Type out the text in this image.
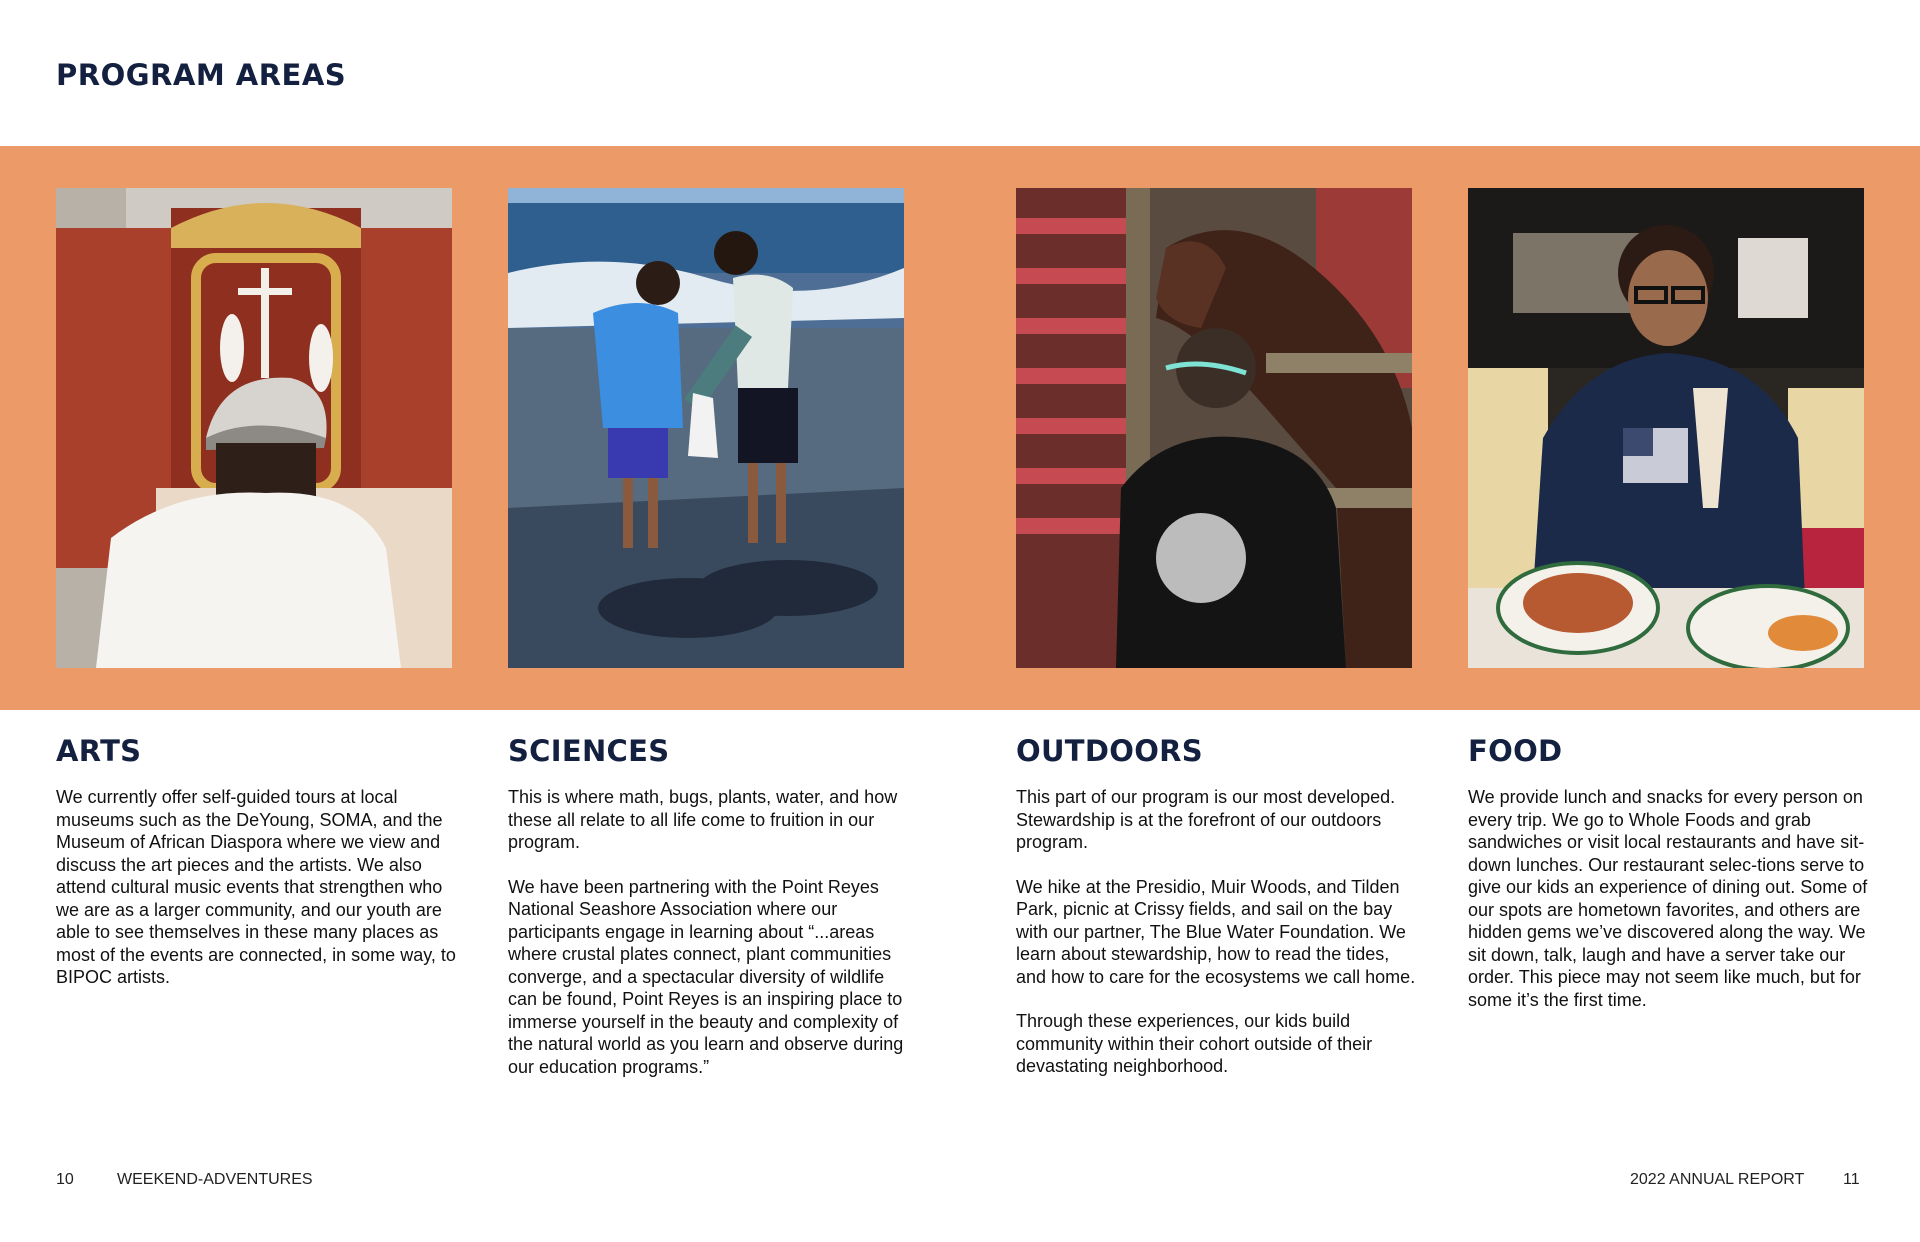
PROGRAM AREAS
ARTS

We currently offer self-guided tours at local museums such as the DeYoung, SOMA, and the Museum of African Diaspora where we view and discuss the art pieces and the artists. We also attend cultural music events that strengthen who we are as a larger community, and our youth are able to see themselves in these many places as most of the events are connected, in some way, to BIPOC artists.

SCIENCES

This is where math, bugs, plants, water, and how these all relate to all life come to fruition in our program.

We have been partnering with the Point Reyes National Seashore Association where our participants engage in learning about “...areas where crustal plates connect, plant communities converge, and a spectacular diversity of wildlife can be found, Point Reyes is an inspiring place to immerse yourself in the beauty and complexity of the natural world as you learn and observe during our education programs.”

OUTDOORS

This part of our program is our most developed. Stewardship is at the forefront of our outdoors program.

We hike at the Presidio, Muir Woods, and Tilden Park, picnic at Crissy fields, and sail on the bay with our partner, The Blue Water Foundation. We learn about stewardship, how to read the tides, and how to care for the ecosystems we call home.

Through these experiences, our kids build community within their cohort outside of their devastating neighborhood.

FOOD

We provide lunch and snacks for every person on every trip. We go to Whole Foods and grab sandwiches or visit local restaurants and have sit-down lunches. Our restaurant selec-tions serve to give our kids an experience of dining out. Some of our spots are hometown favorites, and others are hidden gems we’ve discovered along the way. We sit down, talk, laugh and have a server take our order. This piece may not seem like much, but for some it’s the first time.

10	WEEKEND-ADVENTURES	2022 ANNUAL REPORT 11
